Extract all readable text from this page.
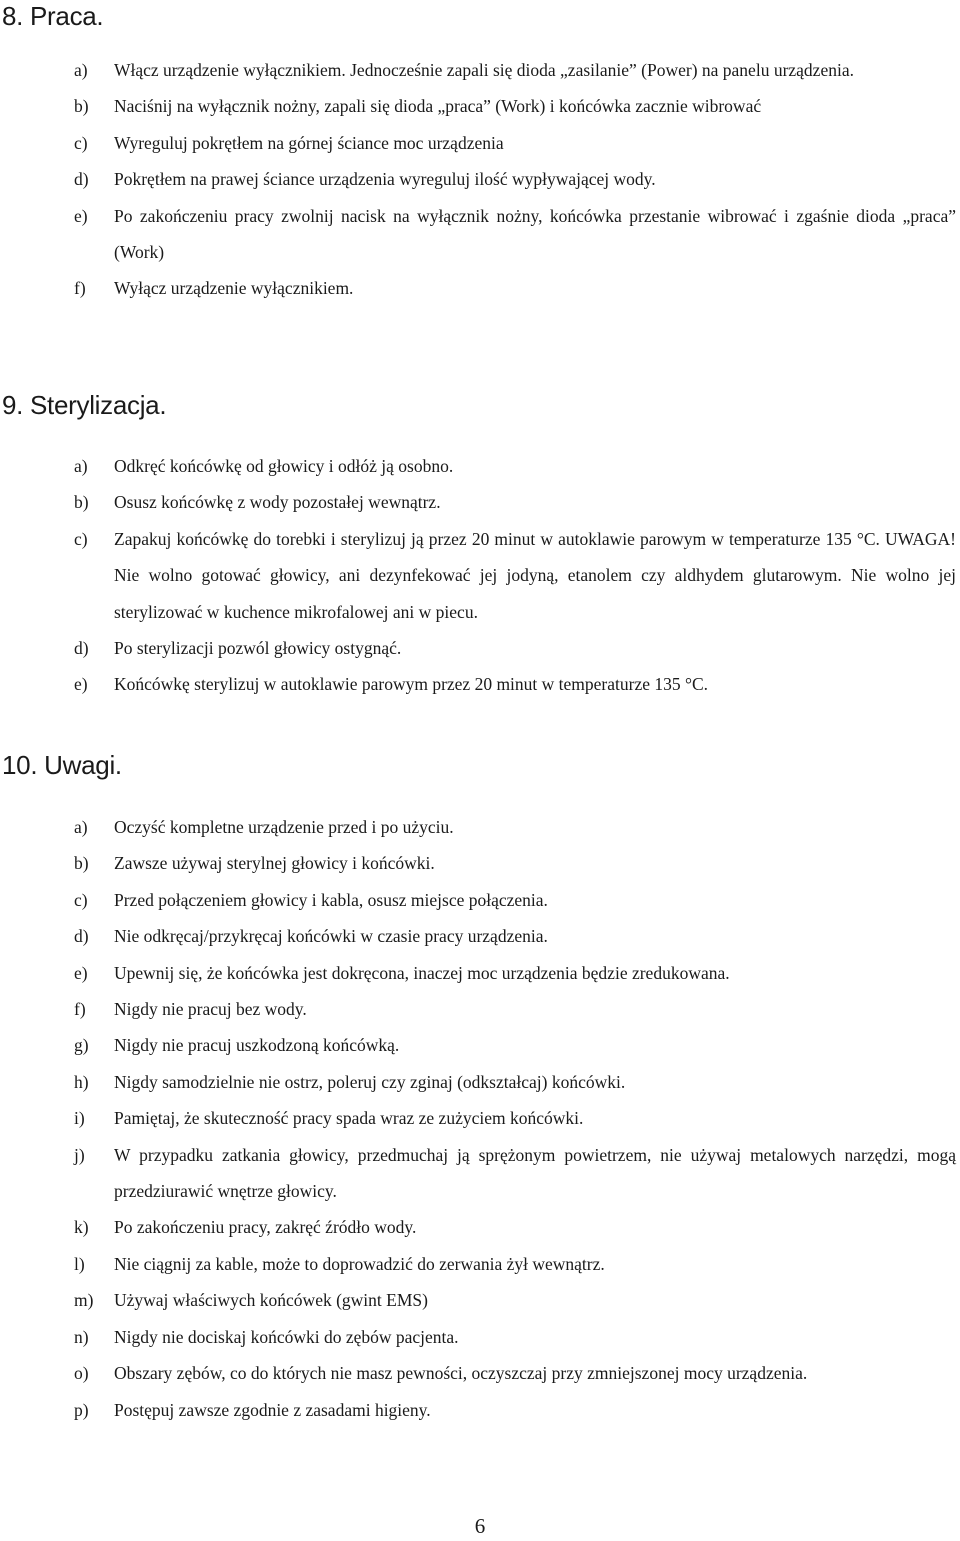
8. Praca.
a) Włącz urządzenie wyłącznikiem. Jednocześnie zapali się dioda „zasilanie” (Power) na panelu urządzenia.
b) Naciśnij na wyłącznik nożny, zapali się dioda „praca” (Work) i końcówka zacznie wibrować
c) Wyreguluj pokrętłem na górnej ściance moc urządzenia
d) Pokrętłem na prawej ściance urządzenia wyreguluj ilość wypływającej wody.
e) Po zakończeniu pracy zwolnij nacisk na wyłącznik nożny, końcówka przestanie wibrować i zgaśnie dioda „praca” (Work)
f) Wyłącz urządzenie wyłącznikiem.
9. Sterylizacja.
a) Odkręć końcówkę od głowicy i odłóż ją osobno.
b) Osusz końcówkę z wody pozostałej wewnątrz.
c) Zapakuj końcówkę do torebki i sterylizuj ją przez 20 minut w autoklawie parowym w temperaturze 135 °C. UWAGA! Nie wolno gotować głowicy, ani dezynfekować jej jodyną, etanolem czy aldhydem glutarowym. Nie wolno jej sterylizować w kuchence mikrofalowej ani w piecu.
d) Po sterylizacji pozwól głowicy ostygnąć.
e) Końcówkę sterylizuj w autoklawie parowym przez 20 minut w temperaturze 135 °C.
10. Uwagi.
a) Oczyść kompletne urządzenie przed i po użyciu.
b) Zawsze używaj sterylnej głowicy i końcówki.
c) Przed połączeniem głowicy i kabla, osusz miejsce połączenia.
d) Nie odkręcaj/przykręcaj końcówki w czasie pracy urządzenia.
e) Upewnij się, że końcówka jest dokręcona, inaczej moc urządzenia będzie zredukowana.
f) Nigdy nie pracuj bez wody.
g) Nigdy nie pracuj uszkodzoną końcówką.
h) Nigdy samodzielnie nie ostrz, poleruj czy zginaj (odkształcaj) końcówki.
i) Pamiętaj, że skuteczność pracy spada wraz ze zużyciem końcówki.
j) W przypadku zatkania głowicy, przedmuchaj ją sprężonym powietrzem, nie używaj metalowych narzędzi, mogą przedziurawić wnętrze głowicy.
k) Po zakończeniu pracy, zakręć źródło wody.
l) Nie ciągnij za kable, może to doprowadzić do zerwania żył wewnątrz.
m) Używaj właściwych końcówek (gwint EMS)
n) Nigdy nie dociskaj końcówki do zębów pacjenta.
o) Obszary zębów, co do których nie masz pewności, oczyszczaj przy zmniejszonej mocy urządzenia.
p) Postępuj zawsze zgodnie z zasadami higieny.
6
